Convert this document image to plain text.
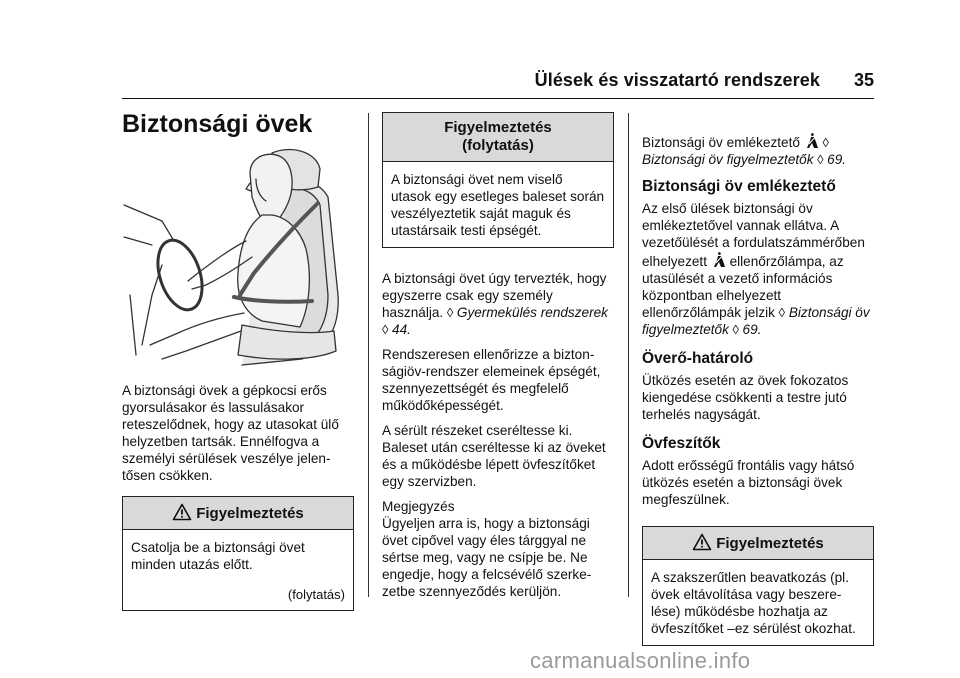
Ülések és visszatartó rendszerek 35
Biztonsági övek

A biztonsági övek a gépkocsi erős gyorsulásakor és lassulásakor reteszelődnek, hogy az utasokat ülő helyzetben tartsák. Ennélfogva a személyi sérülések veszélye jelentősen csökken.

Figyelmeztetés

Csatolja be a biztonsági övet minden utazás előtt.

(folytatás)
Figyelmeztetés (folytatás)

A biztonsági övet nem viselő utasok egy esetleges baleset során veszélyeztetik saját maguk és utastársaik testi épségét.

A biztonsági övet úgy tervezték, hogy egyszerre csak egy személy használja. ◊ Gyermekülés rendszerek ◊ 44.

Rendszeresen ellenőrizze a biztonságiöv-rendszer elemeinek épségét, szennyezettségét és megfelelő működőképességét.

A sérült részeket cseréltesse ki. Baleset után cseréltesse ki az öveket és a működésbe lépett övfeszítőket egy szervizben.

Megjegyzés

Ügyeljen arra is, hogy a biztonsági övet cipővel vagy éles tárggyal ne sértse meg, vagy ne csípje be. Ne engedje, hogy a felcsévélő szerkezetbe szennyeződés kerüljön.

Biztonsági öv emlékeztető  ◊
Biztonsági öv figyelmeztetők ◊ 69.

Biztonsági öv emlékeztető

Az első ülések biztonsági öv emlékeztetővel vannak ellátva. A vezetőülését a fordulatszámmérőben elhelyezett ellenőrzőlámpa, az utasülését a vezető információs központban elhelyezett ellenőrzőlámpák jelzik ◊ Biztonsági öv figyelmeztetők ◊ 69.

Överő-határoló

Ütközés esetén az övek fokozatos kiengedése csökkenti a testre jutó terhelés nagyságát.

Övfeszítők

Adott erősségű frontális vagy hátsó ütközés esetén a biztonsági övek megfeszülnek.

Figyelmeztetés

A szakszerűtlen beavatkozás (pl. övek eltávolítása vagy beszerelése) működésbe hozhatja az övfeszítőket –ez sérülést okozhat.

carmanualsonline.info
